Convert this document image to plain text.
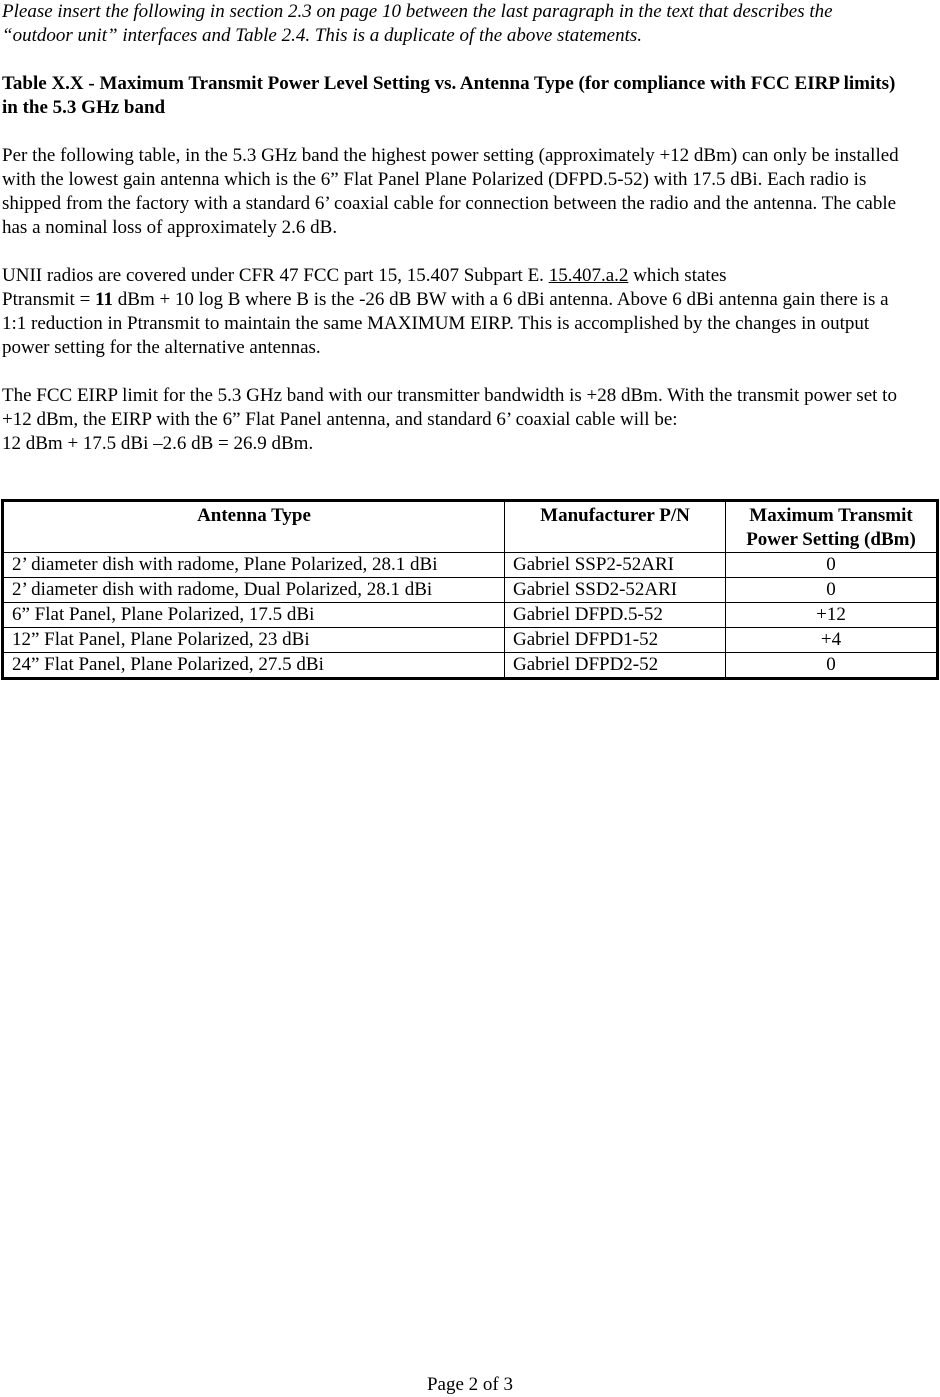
Please insert the following in section 2.3 on page 10 between the last paragraph in the text that describes the “outdoor unit” interfaces and Table 2.4. This is a duplicate of the above statements.

Table X.X - Maximum Transmit Power Level Setting vs. Antenna Type (for compliance with FCC EIRP limits) in the 5.3 GHz band

Per the following table, in the 5.3 GHz band the highest power setting (approximately +12 dBm) can only be installed with the lowest gain antenna which is the 6” Flat Panel Plane Polarized (DFPD.5-52) with 17.5 dBi. Each radio is shipped from the factory with a standard 6’ coaxial cable for connection between the radio and the antenna. The cable has a nominal loss of approximately 2.6 dB.

UNII radios are covered under CFR 47 FCC part 15, 15.407 Subpart E. 15.407.a.2 which states
Ptransmit = 11 dBm + 10 log B where B is the -26 dB BW with a 6 dBi antenna. Above 6 dBi antenna gain there is a 1:1 reduction in Ptransmit to maintain the same MAXIMUM EIRP. This is accomplished by the changes in output power setting for the alternative antennas.

The FCC EIRP limit for the 5.3 GHz band with our transmitter bandwidth is +28 dBm. With the transmit power set to +12 dBm, the EIRP with the 6” Flat Panel antenna, and standard 6’ coaxial cable will be:
12 dBm + 17.5 dBi –2.6 dB = 26.9 dBm.

Antenna Type	Manufacturer P/N	Maximum Transmit Power Setting (dBm)
2’ diameter dish with radome, Plane Polarized, 28.1 dBi	Gabriel SSP2-52ARI	0
2’ diameter dish with radome, Dual Polarized, 28.1 dBi	Gabriel SSD2-52ARI	0
6” Flat Panel, Plane Polarized, 17.5 dBi	Gabriel DFPD.5-52	+12
12” Flat Panel, Plane Polarized, 23 dBi	Gabriel DFPD1-52	+4
24” Flat Panel, Plane Polarized, 27.5 dBi	Gabriel DFPD2-52	0
Page 2 of 3
